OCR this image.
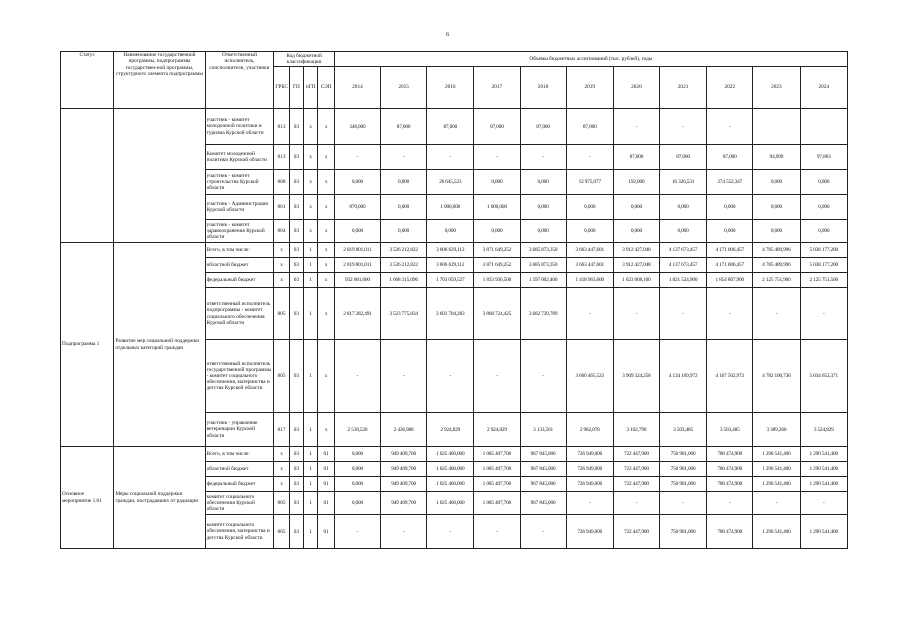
6
Статус	Наименование государственной программы, подпрограммы государствен-ной программы, структурного элемента подпрограммы	Ответственный исполнитель, соисполнители, участники	Код бюджетной классификации				Объемы бюджетных ассигнований (тыс. рублей), годы										
			ГРБС	ГП	пГП	СЭП	2014	2015	2016	2017	2018	2019	2020	2021	2022	2023	2024
		участник - комитет молодежной политики и туризма Курской области	813	03	х	х	348,000	87,000	87,000	87,000	87,000	87,000	-	-	-		
		Комитет молодежной политики Курской области	813	03	х	х	-	-	-	-	-	-	87,000	87,000	87,000	94,099	97,863
		участник - комитет строительства Курской области	808	03	х	х	0,000	0,000	26 645,523	0,000	0,000	12 975,077	192,000	16 326,531	274 552,347	0,000	0,000
		участник - Администрация Курской области	801	03	х	х	870,000	0,000	1 000,000	1 000,000	0,000	0,000	0,000	0,000	0,000	0,000	0,000
		участник - комитет здравоохранения Курской области	804	03	х	х	0,000	0,000	0,000	0,000	0,000	0,000	0,000	0,000	0,000	0,000	0,000
Подпрограмма 1	Развитие мер социальной поддержки отдельных категорий граждан	Всего, в том числе:	х	03	1	х	2 819 801,011	3 526 212,822	3 606 629,112	3 871 649,252	3 685 873,350	3 663 447,601	3 912 427,048	4 137 673,457	4 171 006,457	4 785 489,996	5 038 177,200
		областной бюджет	х	03	1	х	2 819 801,011	3 526 212,822	3 606 629,112	3 871 649,252	3 685 873,350	3 663 447,601	3 912 427,048	4 137 673,457	4 171 006,457	4 785 489,996	5 038 177,200
		федеральный бюджет	х	03	1	х	932 681,600	1 668 315,096	1 703 059,527	1 833 936,500	1 597 002,400	1 418 963,600	1 623 068,100	1 821 524,900	1 854 867,900	2 125 751,900	2 125 751,500
		ответственный исполнитель подпрограммы - комитет социального обеспечения Курской области	805	03	1	х	2 817 282,491	3 523 775,834	3 603 704,283	3 868 724,425	3 682 739,789	-	-	-	-	-	-
		ответственный исполнитель государственной программы - комитет социального обеспечения, материнства и детства Курской области	805	03	1	х	-	-	-	-	-	3 660 465,523	3 909 324,258	4 134 169,972	4 167 502,972	4 782 100,736	5 034 652,371
		участник - управление ветеринарии Курской области	817	03	1	х	2 518,520	2 436,988	2 924,829	2 924,829	3 133,561	2 982,078	3 102,790	3 503,485	3 503,485	3 389,260	3 524,829
Основное мероприятие 1.01	Меры социальной поддержки граждан, пострадавших от радиации	Всего, в том числе:	х	03	1	01	0,000	949 409,700	1 025 460,000	1 085 407,700	967 845,000	726 949,000	722 447,900	750 901,000	780 474,900	1 290 541,400	1 290 541,400
		областной бюджет	х	03	1	01	0,000	949 409,700	1 025 460,000	1 085 407,700	967 845,000	726 949,000	722 447,900	750 901,000	780 474,900	1 290 541,400	1 290 541,400
		федеральный бюджет	х	03	1	01	0,000	949 409,700	1 025 460,000	1 085 407,700	967 845,000	726 949,000	722 447,900	750 901,000	780 474,900	1 290 541,400	1 290 541,400
		комитет социального обеспечения Курской области	805	03	1	01	0,000	949 409,700	1 025 460,000	1 085 407,700	967 845,000	-	-	-	-	-	-
		комитет социального обеспечения, материнства и детства Курской области	805	03	1	01	-	-	-	-	-	726 949,000	722 447,900	750 901,000	780 474,900	1 290 541,400	1 290 541,400
